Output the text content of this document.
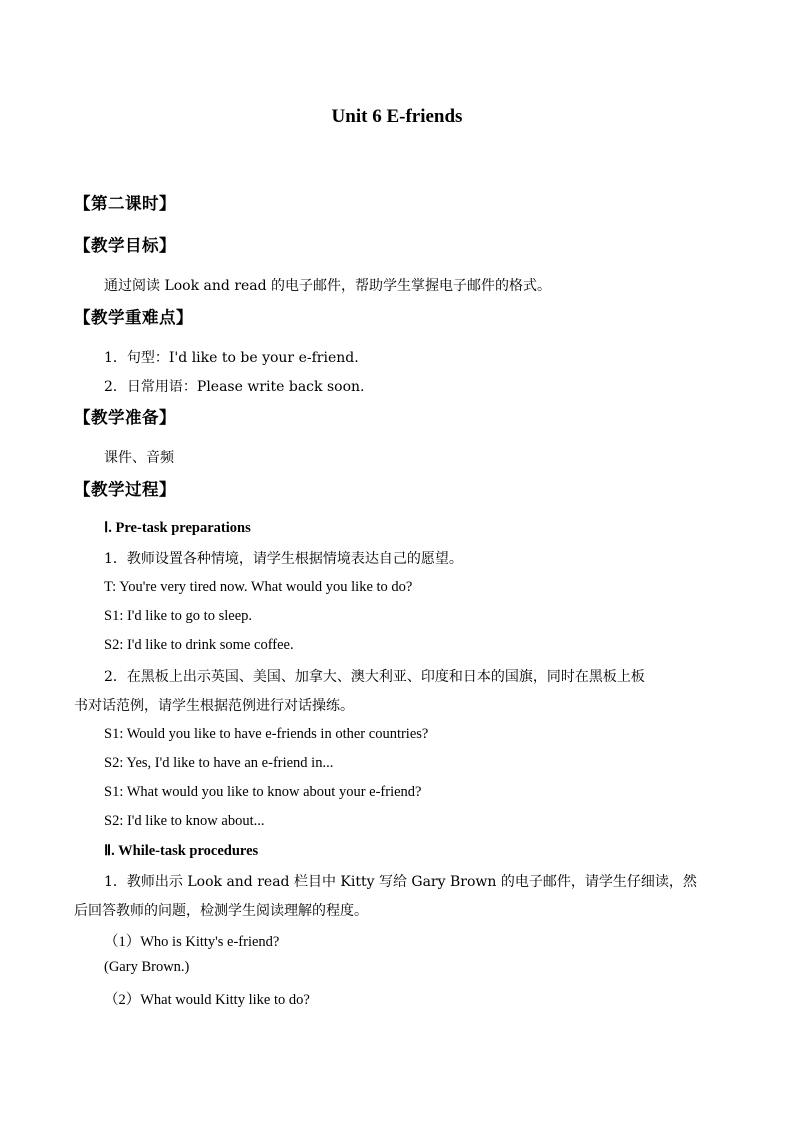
Unit 6 E-friends
【第二课时】
【教学目标】
通过阅读 Look and read 的电子邮件，帮助学生掌握电子邮件的格式。
【教学重难点】
1．句型：I'd like to be your e-friend.
2．日常用语：Please write back soon.
【教学准备】
课件、音频
【教学过程】
Ⅰ. Pre-task preparations
1．教师设置各种情境，请学生根据情境表达自己的愿望。
T: You're very tired now. What would you like to do?
S1: I'd like to go to sleep.
S2: I'd like to drink some coffee.
2．在黑板上出示英国、美国、加拿大、澳大利亚、印度和日本的国旗，同时在黑板上板
书对话范例，请学生根据范例进行对话操练。
S1: Would you like to have e-friends in other countries?
S2: Yes, I'd like to have an e-friend in...
S1: What would you like to know about your e-friend?
S2: I'd like to know about...
Ⅱ. While-task procedures
1．教师出示 Look and read 栏目中 Kitty 写给 Gary Brown 的电子邮件，请学生仔细读，然
后回答教师的问题，检测学生阅读理解的程度。
（1）Who is Kitty's e-friend?
(Gary Brown.)
（2）What would Kitty like to do?
